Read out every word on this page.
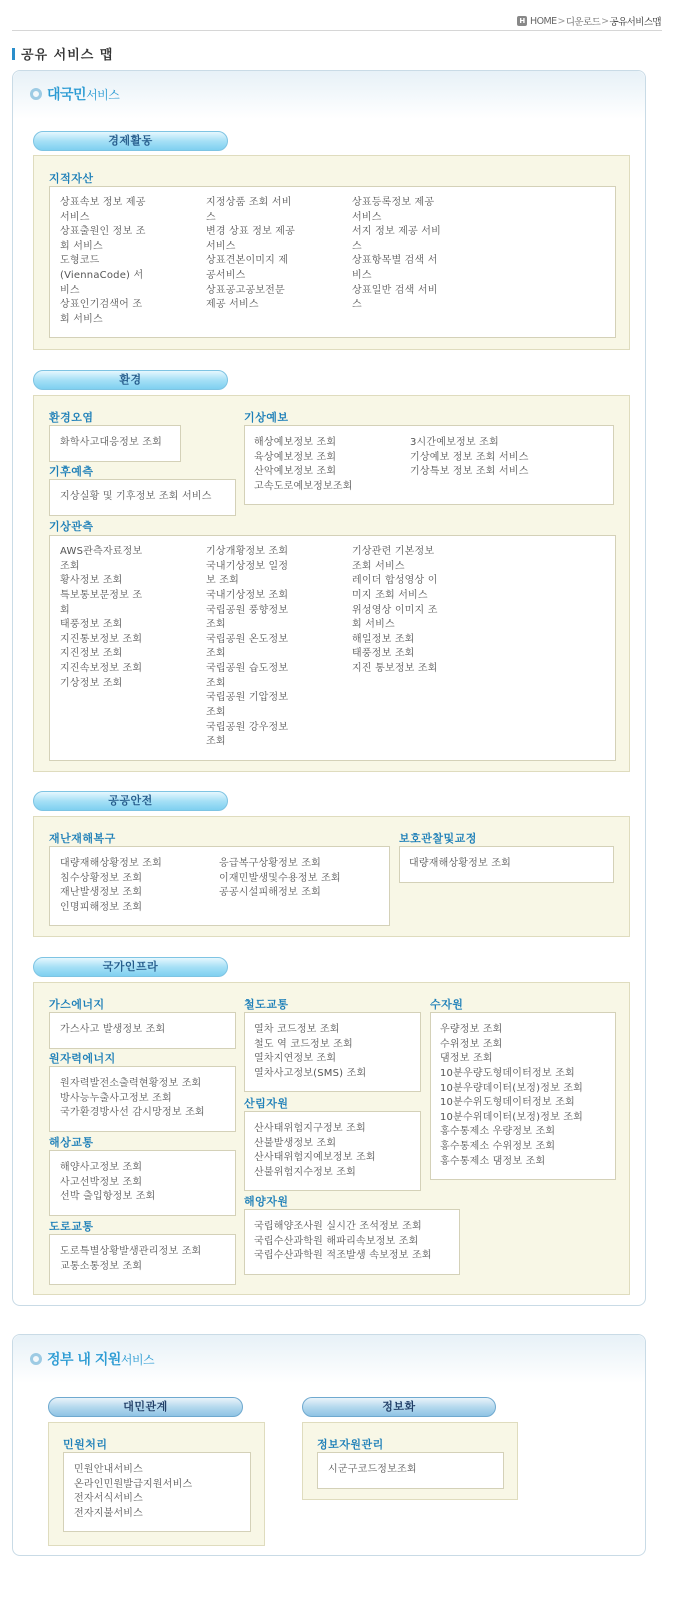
H HOME > 디운로드 > 공유서비스맵
공유 서비스 맵
대국민서비스
경제활동
지적자산
상표속보 정보 제공
서비스
상표출원인 정보 조
회 서비스
도형코드
(ViennaCode) 서
비스
상표인기검색어 조
회 서비스
지정상품 조회 서비
스
변경 상표 정보 제공
서비스
상표견본이미지 제
공서비스
상표공고공보전문
제공 서비스
상표등록정보 제공
서비스
서지 정보 제공 서비
스
상표항목별 검색 서
비스
상표일반 검색 서비
스
환경
환경오염
화학사고대응정보 조회
기상예보
해상예보정보 조회
육상예보정보 조회
산악예보정보 조회
고속도로예보정보조회
3시간예보정보 조회
기상예보 정보 조회 서비스
기상특보 정보 조회 서비스
기후예측
지상실황 및 기후정보 조회 서비스
기상관측
AWS관측자료정보
조회
황사정보 조회
특보통보문정보 조
회
태풍정보 조회
지진통보정보 조회
지진정보 조회
지진속보정보 조회
기상정보 조회
기상개황정보 조회
국내기상정보 일정
보 조회
국내기상정보 조회
국립공원 풍향정보
조회
국립공원 온도정보
조회
국립공원 습도정보
조회
국립공원 기압정보
조회
국립공원 강우정보
조회
기상관련 기본정보
조회 서비스
레이더 합성영상 이
미지 조회 서비스
위성영상 이미지 조
회 서비스
해일정보 조회
태풍정보 조회
지진 통보정보 조회
공공안전
재난재해복구
대량재해상황정보 조회
침수상황정보 조회
재난발생정보 조회
인명피해정보 조회
응급복구상황정보 조회
이재민발생및수용정보 조회
공공시설피해정보 조회
보호관찰및교정
대량재해상황정보 조회
국가인프라
가스에너지
가스사고 발생정보 조회
원자력에너지
원자력발전소출력현황정보 조회
방사능누출사고정보 조회
국가환경방사선 감시망정보 조회
해상교통
해양사고정보 조회
사고선박정보 조회
선박 출입항정보 조회
도로교통
도로특별상황발생관리정보 조회
교통소통정보 조회
철도교통
열차 코드정보 조회
철도 역 코드정보 조회
열차지연정보 조회
열차사고정보(SMS) 조회
산림자원
산사태위험지구정보 조회
산불발생정보 조회
산사태위험지예보정보 조회
산불위험지수정보 조회
해양자원
국립해양조사원 실시간 조석정보 조회
국립수산과학원 해파리속보정보 조회
국립수산과학원 적조발생 속보정보 조회
수자원
우량정보 조회
수위정보 조회
댐정보 조회
10분우량도형데이터정보 조회
10분우량데이터(보정)정보 조회
10분수위도형데이터정보 조회
10분수위데이터(보정)정보 조회
홍수통제소 우량정보 조회
홍수통제소 수위정보 조회
홍수통제소 댐정보 조회
정부 내 지원서비스
대민관계
민원처리
민원안내서비스
온라인민원발급지원서비스
전자서식서비스
전자지불서비스
정보화
정보자원관리
시군구코드정보조회
